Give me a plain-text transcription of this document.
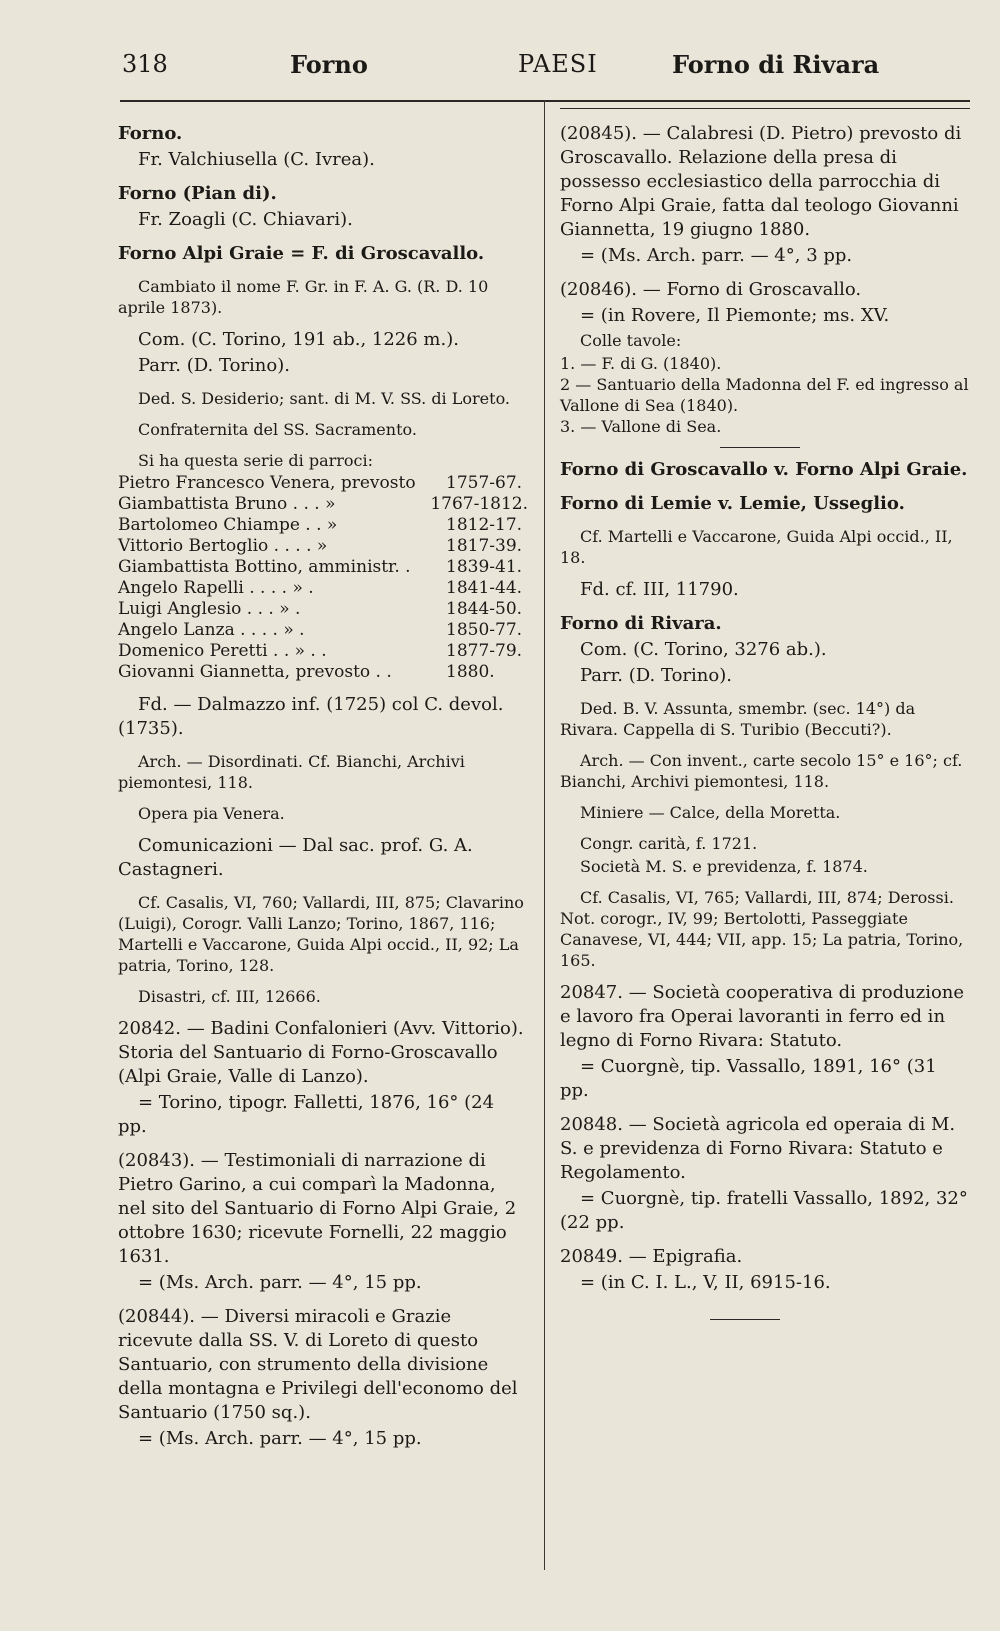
318	Forno	PAESI	Forno di Rivara
Forno.
Fr. Valchiusella (C. Ivrea).
Forno (Pian di).
Fr. Zoagli (C. Chiavari).
Forno Alpi Graie = F. di Groscavallo.
Cambiato il nome F. Gr. in F. A. G. (R. D. 10 aprile 1873).
Com. (C. Torino, 191 ab., 1226 m.).
Parr. (D. Torino).
Ded. S. Desiderio; sant. di M. V. SS. di Loreto.
Confraternita del SS. Sacramento.
Si ha questa serie di parroci:
Pietro Francesco Venera, prevosto 1757-67.
Giambattista Bruno . . . »	1767-1812.
Bartolomeo Chiampe . . »	1812-17.
Vittorio Bertoglio . . . . »	1817-39.
Giambattista Bottino, amministr. . 1839-41.
Angelo Rapelli . . . . » .	1841-44.
Luigi Anglesio . . . » .	1844-50.
Angelo Lanza . . . . » .	1850-77.
Domenico Peretti . . » . .	1877-79.
Giovanni Giannetta, prevosto . .	1880.
Fd. — Dalmazzo inf. (1725) col C. devol. (1735).
Arch. — Disordinati. Cf. Bianchi, Archivi piemontesi, 118.
Opera pia Venera.
Comunicazioni — Dal sac. prof. G. A. Castagneri.
Cf. Casalis, VI, 760; Vallardi, III, 875; Clavarino (Luigi), Corogr. Valli Lanzo; Torino, 1867, 116; Martelli e Vaccarone, Guida Alpi occid., II, 92; La patria, Torino, 128.
Disastri, cf. III, 12666.
20842. — Badini Confalonieri (Avv. Vittorio). Storia del Santuario di Forno-Groscavallo (Alpi Graie, Valle di Lanzo).
= Torino, tipogr. Falletti, 1876, 16° (24 pp.
(20843). — Testimoniali di narrazione di Pietro Garino, a cui comparì la Madonna, nel sito del Santuario di Forno Alpi Graie, 2 ottobre 1630; ricevute Fornelli, 22 maggio 1631.
= (Ms. Arch. parr. — 4°, 15 pp.
(20844). — Diversi miracoli e Grazie ricevute dalla SS. V. di Loreto di questo Santuario, con strumento della divisione della montagna e Privilegi dell'economo del Santuario (1750 sq.).
= (Ms. Arch. parr. — 4°, 15 pp.
(20845). — Calabresi (D. Pietro) prevosto di Groscavallo. Relazione della presa di possesso ecclesiastico della parrocchia di Forno Alpi Graie, fatta dal teologo Giovanni Giannetta, 19 giugno 1880.
= (Ms. Arch. parr. — 4°, 3 pp.
(20846). — Forno di Groscavallo.
= (in Rovere, Il Piemonte; ms. XV.
Colle tavole:
1. — F. di G. (1840).
2 — Santuario della Madonna del F. ed ingresso al Vallone di Sea (1840).
3. — Vallone di Sea.
Forno di Groscavallo v. Forno Alpi Graie.
Forno di Lemie v. Lemie, Usseglio.
Cf. Martelli e Vaccarone, Guida Alpi occid., II, 18.
Fd. cf. III, 11790.
Forno di Rivara.
Com. (C. Torino, 3276 ab.).
Parr. (D. Torino).
Ded. B. V. Assunta, smembr. (sec. 14°) da Rivara. Cappella di S. Turibio (Beccuti?).
Arch. — Con invent., carte secolo 15° e 16°; cf. Bianchi, Archivi piemontesi, 118.
Miniere — Calce, della Moretta.
Congr. carità, f. 1721.
Società M. S. e previdenza, f. 1874.
Cf. Casalis, VI, 765; Vallardi, III, 874; Derossi. Not. corogr., IV, 99; Bertolotti, Passeggiate Canavese, VI, 444; VII, app. 15; La patria, Torino, 165.
20847. — Società cooperativa di produzione e lavoro fra Operai lavoranti in ferro ed in legno di Forno Rivara: Statuto.
= Cuorgnè, tip. Vassallo, 1891, 16° (31 pp.
20848. — Società agricola ed operaia di M. S. e previdenza di Forno Rivara: Statuto e Regolamento.
= Cuorgnè, tip. fratelli Vassallo, 1892, 32° (22 pp.
20849. — Epigrafia.
= (in C. I. L., V, II, 6915-16.
